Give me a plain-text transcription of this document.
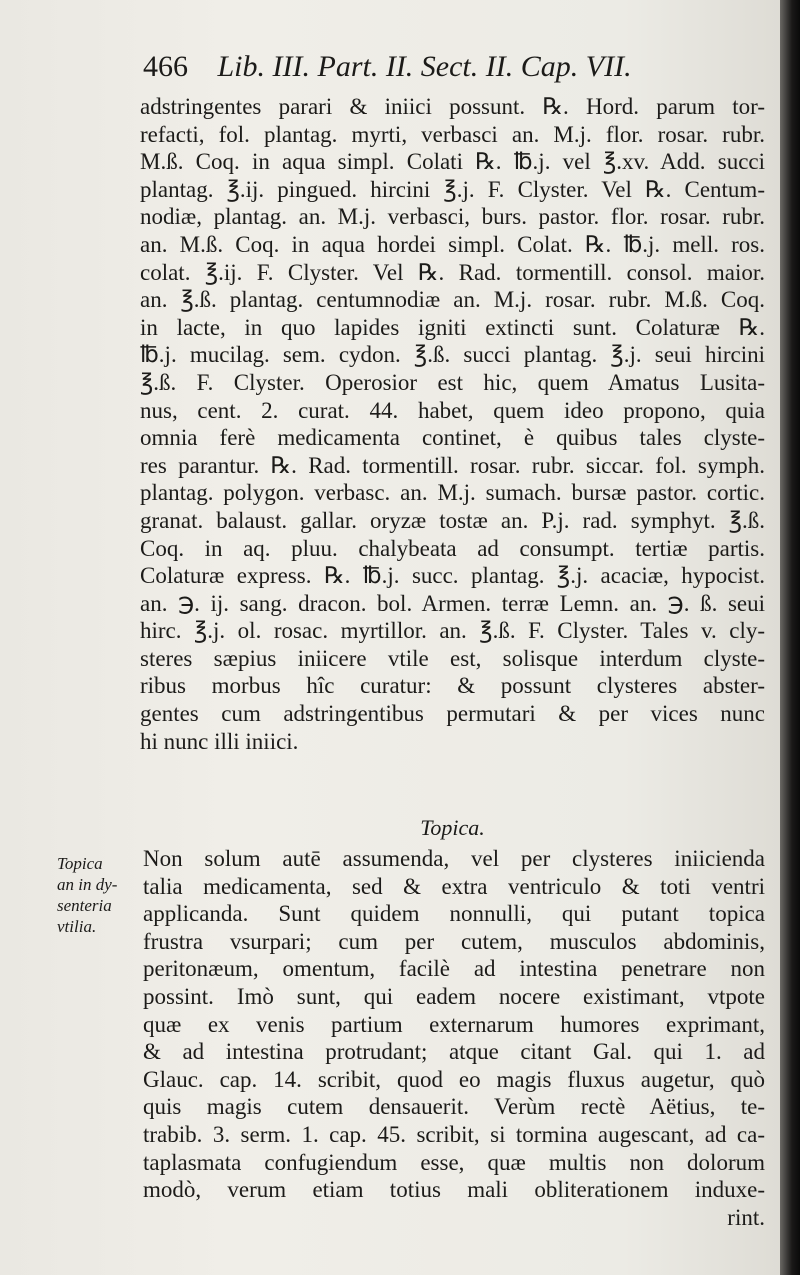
466 Lib. III. Part. II. Sect. II. Cap. VII.
adstringentes parari & iniici possunt. ℞. Hord. parum tor-
refacti, fol. plantag. myrti, verbasci an. M.j. flor. rosar. rubr.
M.ß. Coq. in aqua simpl. Colati ℞. ℔.j. vel ℥.xv. Add. succi
plantag. ℥.ij. pingued. hircini ℥.j. F. Clyster. Vel ℞. Centum-
nodiæ, plantag. an. M.j. verbasci, burs. pastor. flor. rosar. rubr.
an. M.ß. Coq. in aqua hordei simpl. Colat. ℞. ℔.j. mell. ros.
colat. ℥.ij. F. Clyster. Vel ℞. Rad. tormentill. consol. maior.
an. ℥.ß. plantag. centumnodiæ an. M.j. rosar. rubr. M.ß. Coq.
in lacte, in quo lapides igniti extincti sunt. Colaturæ ℞.
℔.j. mucilag. sem. cydon. ℥.ß. succi plantag. ℥.j. seui hircini
℥.ß. F. Clyster. Operosior est hic, quem Amatus Lusita-
nus, cent. 2. curat. 44. habet, quem ideo propono, quia
omnia ferè medicamenta continet, è quibus tales clyste-
res parantur. ℞. Rad. tormentill. rosar. rubr. siccar. fol. symph.
plantag. polygon. verbasc. an. M.j. sumach. bursæ pastor. cortic.
granat. balaust. gallar. oryzæ tostæ an. P.j. rad. symphyt. ℥.ß.
Coq. in aq. pluu. chalybeata ad consumpt. tertiæ partis.
Colaturæ express. ℞. ℔.j. succ. plantag. ℥.j. acaciæ, hypocist.
an. ℈. ij. sang. dracon. bol. Armen. terræ Lemn. an. ℈. ß. seui
hirc. ℥.j. ol. rosac. myrtillor. an. ℥.ß. F. Clyster. Tales v. cly-
steres sæpius iniicere vtile est, solisque interdum clyste-
ribus morbus hîc curatur: & possunt clysteres abster-
gentes cum adstringentibus permutari & per vices nunc
hi nunc illi iniici.
Topica.
Topica
an in dy-
senteria
vtilia.
Non solum autē assumenda, vel per clysteres iniicienda
talia medicamenta, sed & extra ventriculo & toti ventri
applicanda. Sunt quidem nonnulli, qui putant topica
frustra vsurpari; cum per cutem, musculos abdominis,
peritonæum, omentum, facilè ad intestina penetrare non
possint. Imò sunt, qui eadem nocere existimant, vtpote
quæ ex venis partium externarum humores exprimant,
& ad intestina protrudant; atque citant Gal. qui 1. ad
Glauc. cap. 14. scribit, quod eo magis fluxus augetur, quò
quis magis cutem densauerit. Verùm rectè Aëtius, te-
trabib. 3. serm. 1. cap. 45. scribit, si tormina augescant, ad ca-
taplasmata confugiendum esse, quæ multis non dolorum
modò, verum etiam totius mali obliterationem induxe-
rint.
